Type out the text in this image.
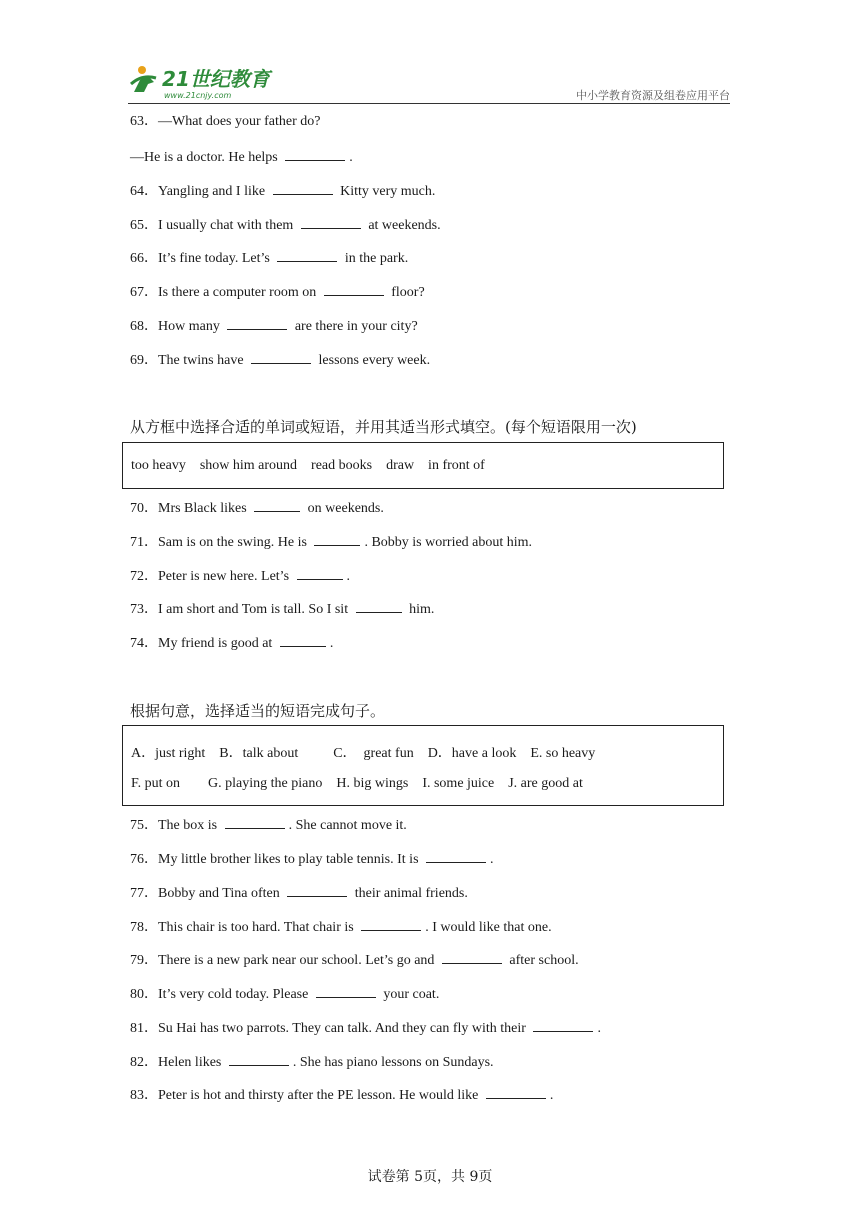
21世纪教育
www.21cnjy.com	中小学教育资源及组卷应用平台
63．—What does your father do?
—He is a doctor. He helps	.
64．Yangling and I like	Kitty very much.
65．I usually chat with them	at weekends.
66．It’s fine today. Let’s	in the park.
67．Is there a computer room on	floor?
68．How many	are there in your city?
69．The twins have	lessons every week.
从方框中选择合适的单词或短语，并用其适当形式填空。(每个短语限用一次)
too heavy    show him around    read books    draw    in front of
70．Mrs Black likes	on weekends.
71．Sam is on the swing. He is	. Bobby is worried about him.
72．Peter is new here. Let’s	.
73．I am short and Tom is tall. So I sit	him.
74．My friend is good at	.
根据句意，选择适当的短语完成句子。
A．just right    B．talk about          C．  great fun    D．have a look    E. so heavy
F. put on        G. playing the piano    H. big wings    I. some juice    J. are good at
75．The box is	. She cannot move it.
76．My little brother likes to play table tennis. It is	.
77．Bobby and Tina often	their animal friends.
78．This chair is too hard. That chair is	. I would like that one.
79．There is a new park near our school. Let’s go and	after school.
80．It’s very cold today. Please	your coat.
81．Su Hai has two parrots. They can talk. And they can fly with their	.
82．Helen likes	. She has piano lessons on Sundays.
83．Peter is hot and thirsty after the PE lesson. He would like	.
试卷第 5页，共 9页
